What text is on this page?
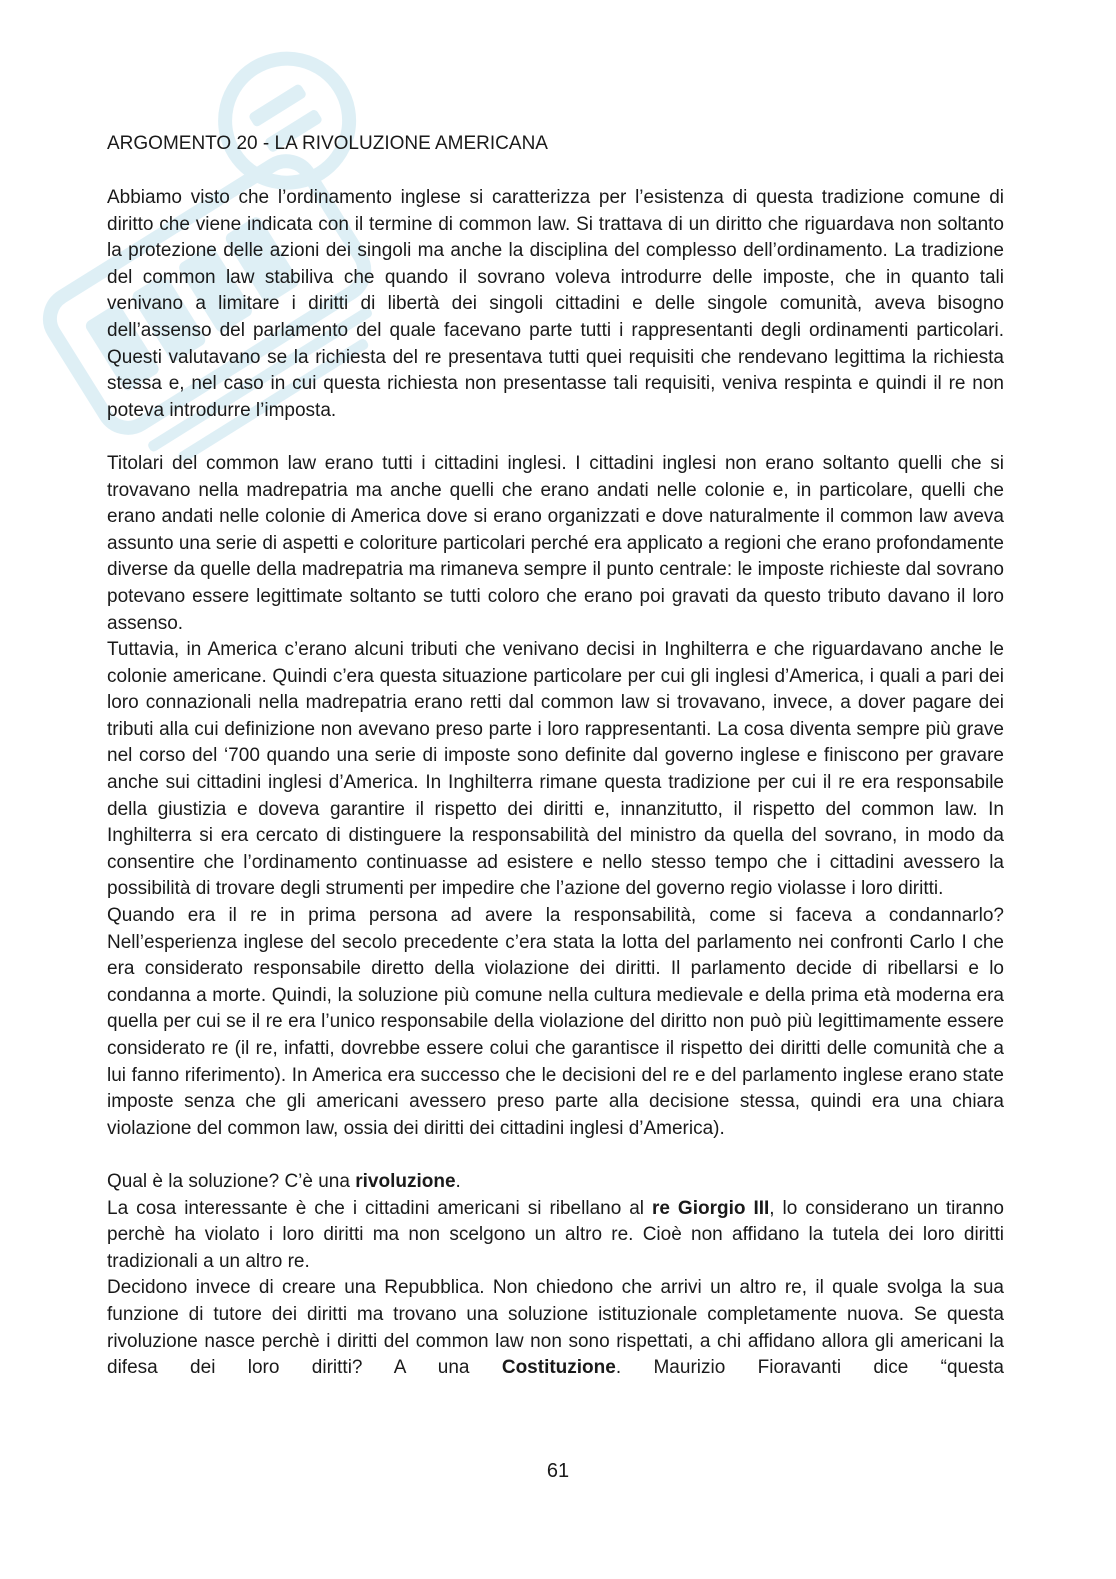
ARGOMENTO 20 - LA RIVOLUZIONE AMERICANA

Abbiamo visto che l’ordinamento inglese si caratterizza per l’esistenza di questa tradizione comune di diritto che viene indicata con il termine di common law. Si trattava di un diritto che riguardava non soltanto la protezione delle azioni dei singoli ma anche la disciplina del complesso dell’ordinamento. La tradizione del common law stabiliva che quando il sovrano voleva introdurre delle imposte, che in quanto tali venivano a limitare i diritti di libertà dei singoli cittadini e delle singole comunità, aveva bisogno dell’assenso del parlamento del quale facevano parte tutti i rappresentanti degli ordinamenti particolari. Questi valutavano se la richiesta del re presentava tutti quei requisiti che rendevano legittima la richiesta stessa e, nel caso in cui questa richiesta non presentasse tali requisiti, veniva respinta e quindi il re non poteva introdurre l’imposta.

Titolari del common law erano tutti i cittadini inglesi. I cittadini inglesi non erano soltanto quelli che si trovavano nella madrepatria ma anche quelli che erano andati nelle colonie e, in particolare, quelli che erano andati nelle colonie di America dove si erano organizzati e dove naturalmente il common law aveva assunto una serie di aspetti e coloriture particolari perché era applicato a regioni che erano profondamente diverse da quelle della madrepatria ma rimaneva sempre il punto centrale: le imposte richieste dal sovrano potevano essere legittimate soltanto se tutti coloro che erano poi gravati da questo tributo davano il loro assenso.

Tuttavia, in America c’erano alcuni tributi che venivano decisi in Inghilterra e che riguardavano anche le colonie americane. Quindi c’era questa situazione particolare per cui gli inglesi d’America, i quali a pari dei loro connazionali nella madrepatria erano retti dal common law si trovavano, invece, a dover pagare dei tributi alla cui definizione non avevano preso parte i loro rappresentanti. La cosa diventa sempre più grave nel corso del ‘700 quando una serie di imposte sono definite dal governo inglese e finiscono per gravare anche sui cittadini inglesi d’America. In Inghilterra rimane questa tradizione per cui il re era responsabile della giustizia e doveva garantire il rispetto dei diritti e, innanzitutto, il rispetto del common law. In Inghilterra si era cercato di distinguere la responsabilità del ministro da quella del sovrano, in modo da consentire che l’ordinamento continuasse ad esistere e nello stesso tempo che i cittadini avessero la possibilità di trovare degli strumenti per impedire che l’azione del governo regio violasse i loro diritti.

Quando era il re in prima persona ad avere la responsabilità, come si faceva a condannarlo? Nell’esperienza inglese del secolo precedente c’era stata la lotta del parlamento nei confronti Carlo I che era considerato responsabile diretto della violazione dei diritti. Il parlamento decide di ribellarsi e lo condanna a morte. Quindi, la soluzione più comune nella cultura medievale e della prima età moderna era quella per cui se il re era l’unico responsabile della violazione del diritto non può più legittimamente essere considerato re (il re, infatti, dovrebbe essere colui che garantisce il rispetto dei diritti delle comunità che a lui fanno riferimento). In America era successo che le decisioni del re e del parlamento inglese erano state imposte senza che gli americani avessero preso parte alla decisione stessa, quindi era una chiara violazione del common law, ossia dei diritti dei cittadini inglesi d’America).

Qual è la soluzione? C’è una rivoluzione.

La cosa interessante è che i cittadini americani si ribellano al re Giorgio III, lo considerano un tiranno perchè ha violato i loro diritti ma non scelgono un altro re. Cioè non affidano la tutela dei loro diritti tradizionali a un altro re.

Decidono invece di creare una Repubblica. Non chiedono che arrivi un altro re, il quale svolga la sua funzione di tutore dei diritti ma trovano una soluzione istituzionale completamente nuova. Se questa rivoluzione nasce perchè i diritti del common law non sono rispettati, a chi affidano allora gli americani la difesa dei loro diritti? A una Costituzione. Maurizio Fioravanti dice “questa

61
